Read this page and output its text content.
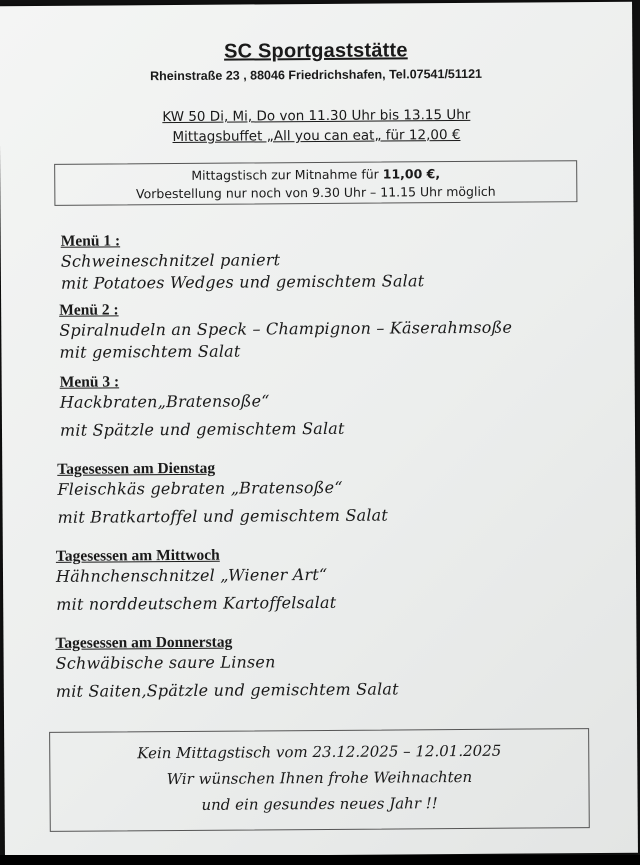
SC Sportgaststätte
Rheinstraße 23 , 88046 Friedrichshafen, Tel.07541/51121
KW 50 Di, Mi, Do von 11.30 Uhr bis 13.15 Uhr
Mittagsbuffet „All you can eat„ für 12,00 €
Mittagstisch zur Mitnahme für 11,00 €,
Vorbestellung nur noch von 9.30 Uhr – 11.15 Uhr möglich
Menü 1 :
Schweineschnitzel paniert
mit Potatoes Wedges und gemischtem Salat
Menü 2 :
Spiralnudeln an Speck – Champignon – Käserahmsoße
mit gemischtem Salat
Menü 3 :
Hackbraten„Bratensoße“
mit Spätzle und gemischtem Salat
Tagesessen am Dienstag
Fleischkäs gebraten „Bratensoße“
mit Bratkartoffel und gemischtem Salat
Tagesessen am Mittwoch
Hähnchenschnitzel „Wiener Art“
mit norddeutschem Kartoffelsalat
Tagesessen am Donnerstag
Schwäbische saure Linsen
mit Saiten,Spätzle und gemischtem Salat
Kein Mittagstisch vom 23.12.2025 – 12.01.2025
Wir wünschen Ihnen frohe Weihnachten
und ein gesundes neues Jahr !!
